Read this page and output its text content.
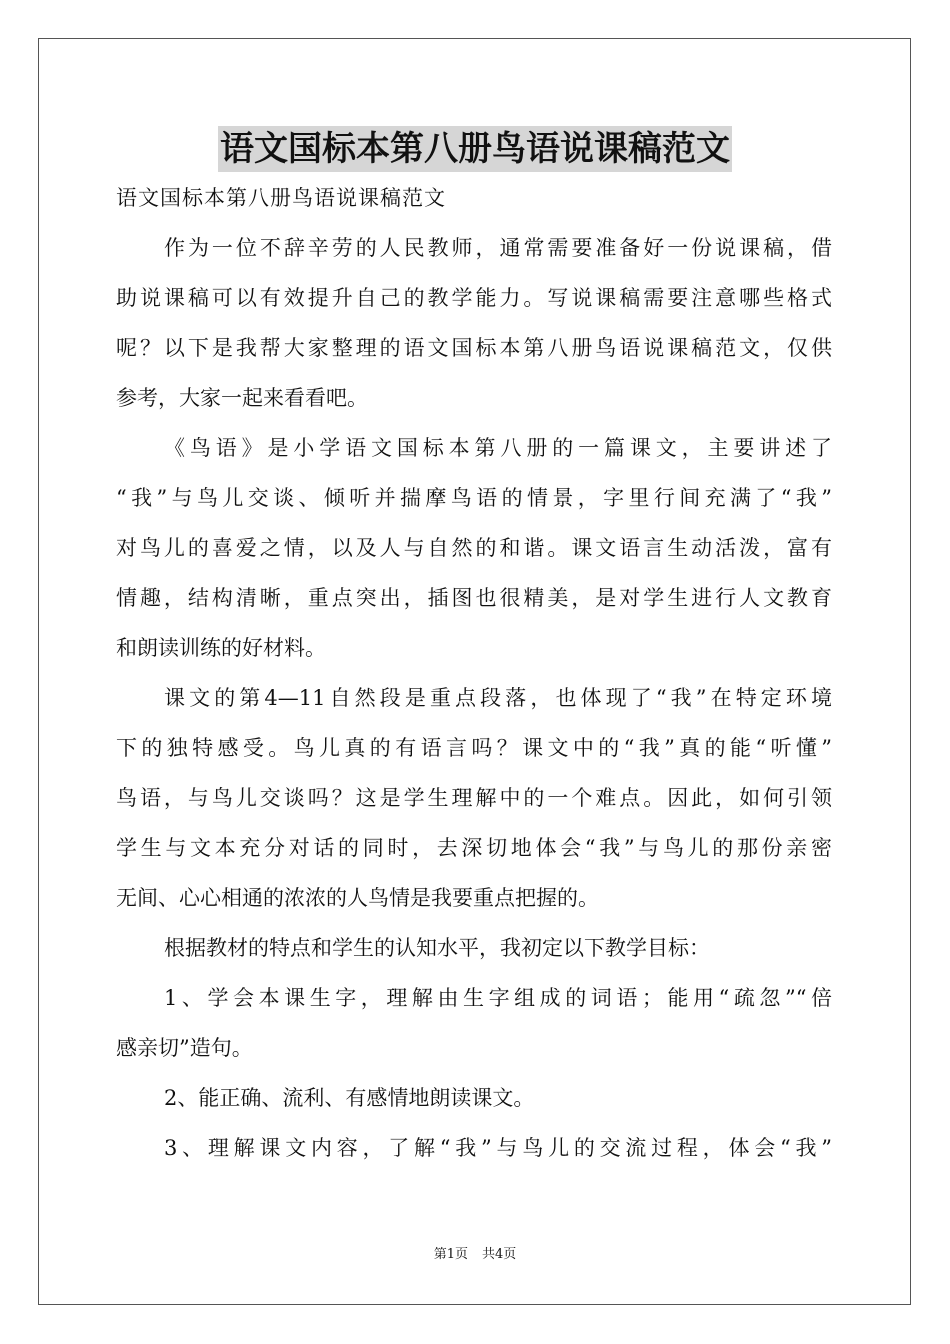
语文国标本第八册鸟语说课稿范文
语文国标本第八册鸟语说课稿范文
作为一位不辞辛劳的人民教师，通常需要准备好一份说课稿，借
助说课稿可以有效提升自己的教学能力。写说课稿需要注意哪些格式
呢？以下是我帮大家整理的语文国标本第八册鸟语说课稿范文，仅供
参考，大家一起来看看吧。
《鸟语》是小学语文国标本第八册的一篇课文，主要讲述了
“我”与鸟儿交谈、倾听并揣摩鸟语的情景，字里行间充满了“我”
对鸟儿的喜爱之情，以及人与自然的和谐。课文语言生动活泼，富有
情趣，结构清晰，重点突出，插图也很精美，是对学生进行人文教育
和朗读训练的好材料。
课文的第4—11自然段是重点段落，也体现了“我”在特定环境
下的独特感受。鸟儿真的有语言吗？课文中的“我”真的能“听懂”
鸟语，与鸟儿交谈吗？这是学生理解中的一个难点。因此，如何引领
学生与文本充分对话的同时，去深切地体会“我”与鸟儿的那份亲密
无间、心心相通的浓浓的人鸟情是我要重点把握的。
根据教材的特点和学生的认知水平，我初定以下教学目标：
1、学会本课生字，理解由生字组成的词语；能用“疏忽”“倍
感亲切”造句。
2、能正确、流利、有感情地朗读课文。
3、理解课文内容，了解“我”与鸟儿的交流过程，体会“我”
第1页 共4页
